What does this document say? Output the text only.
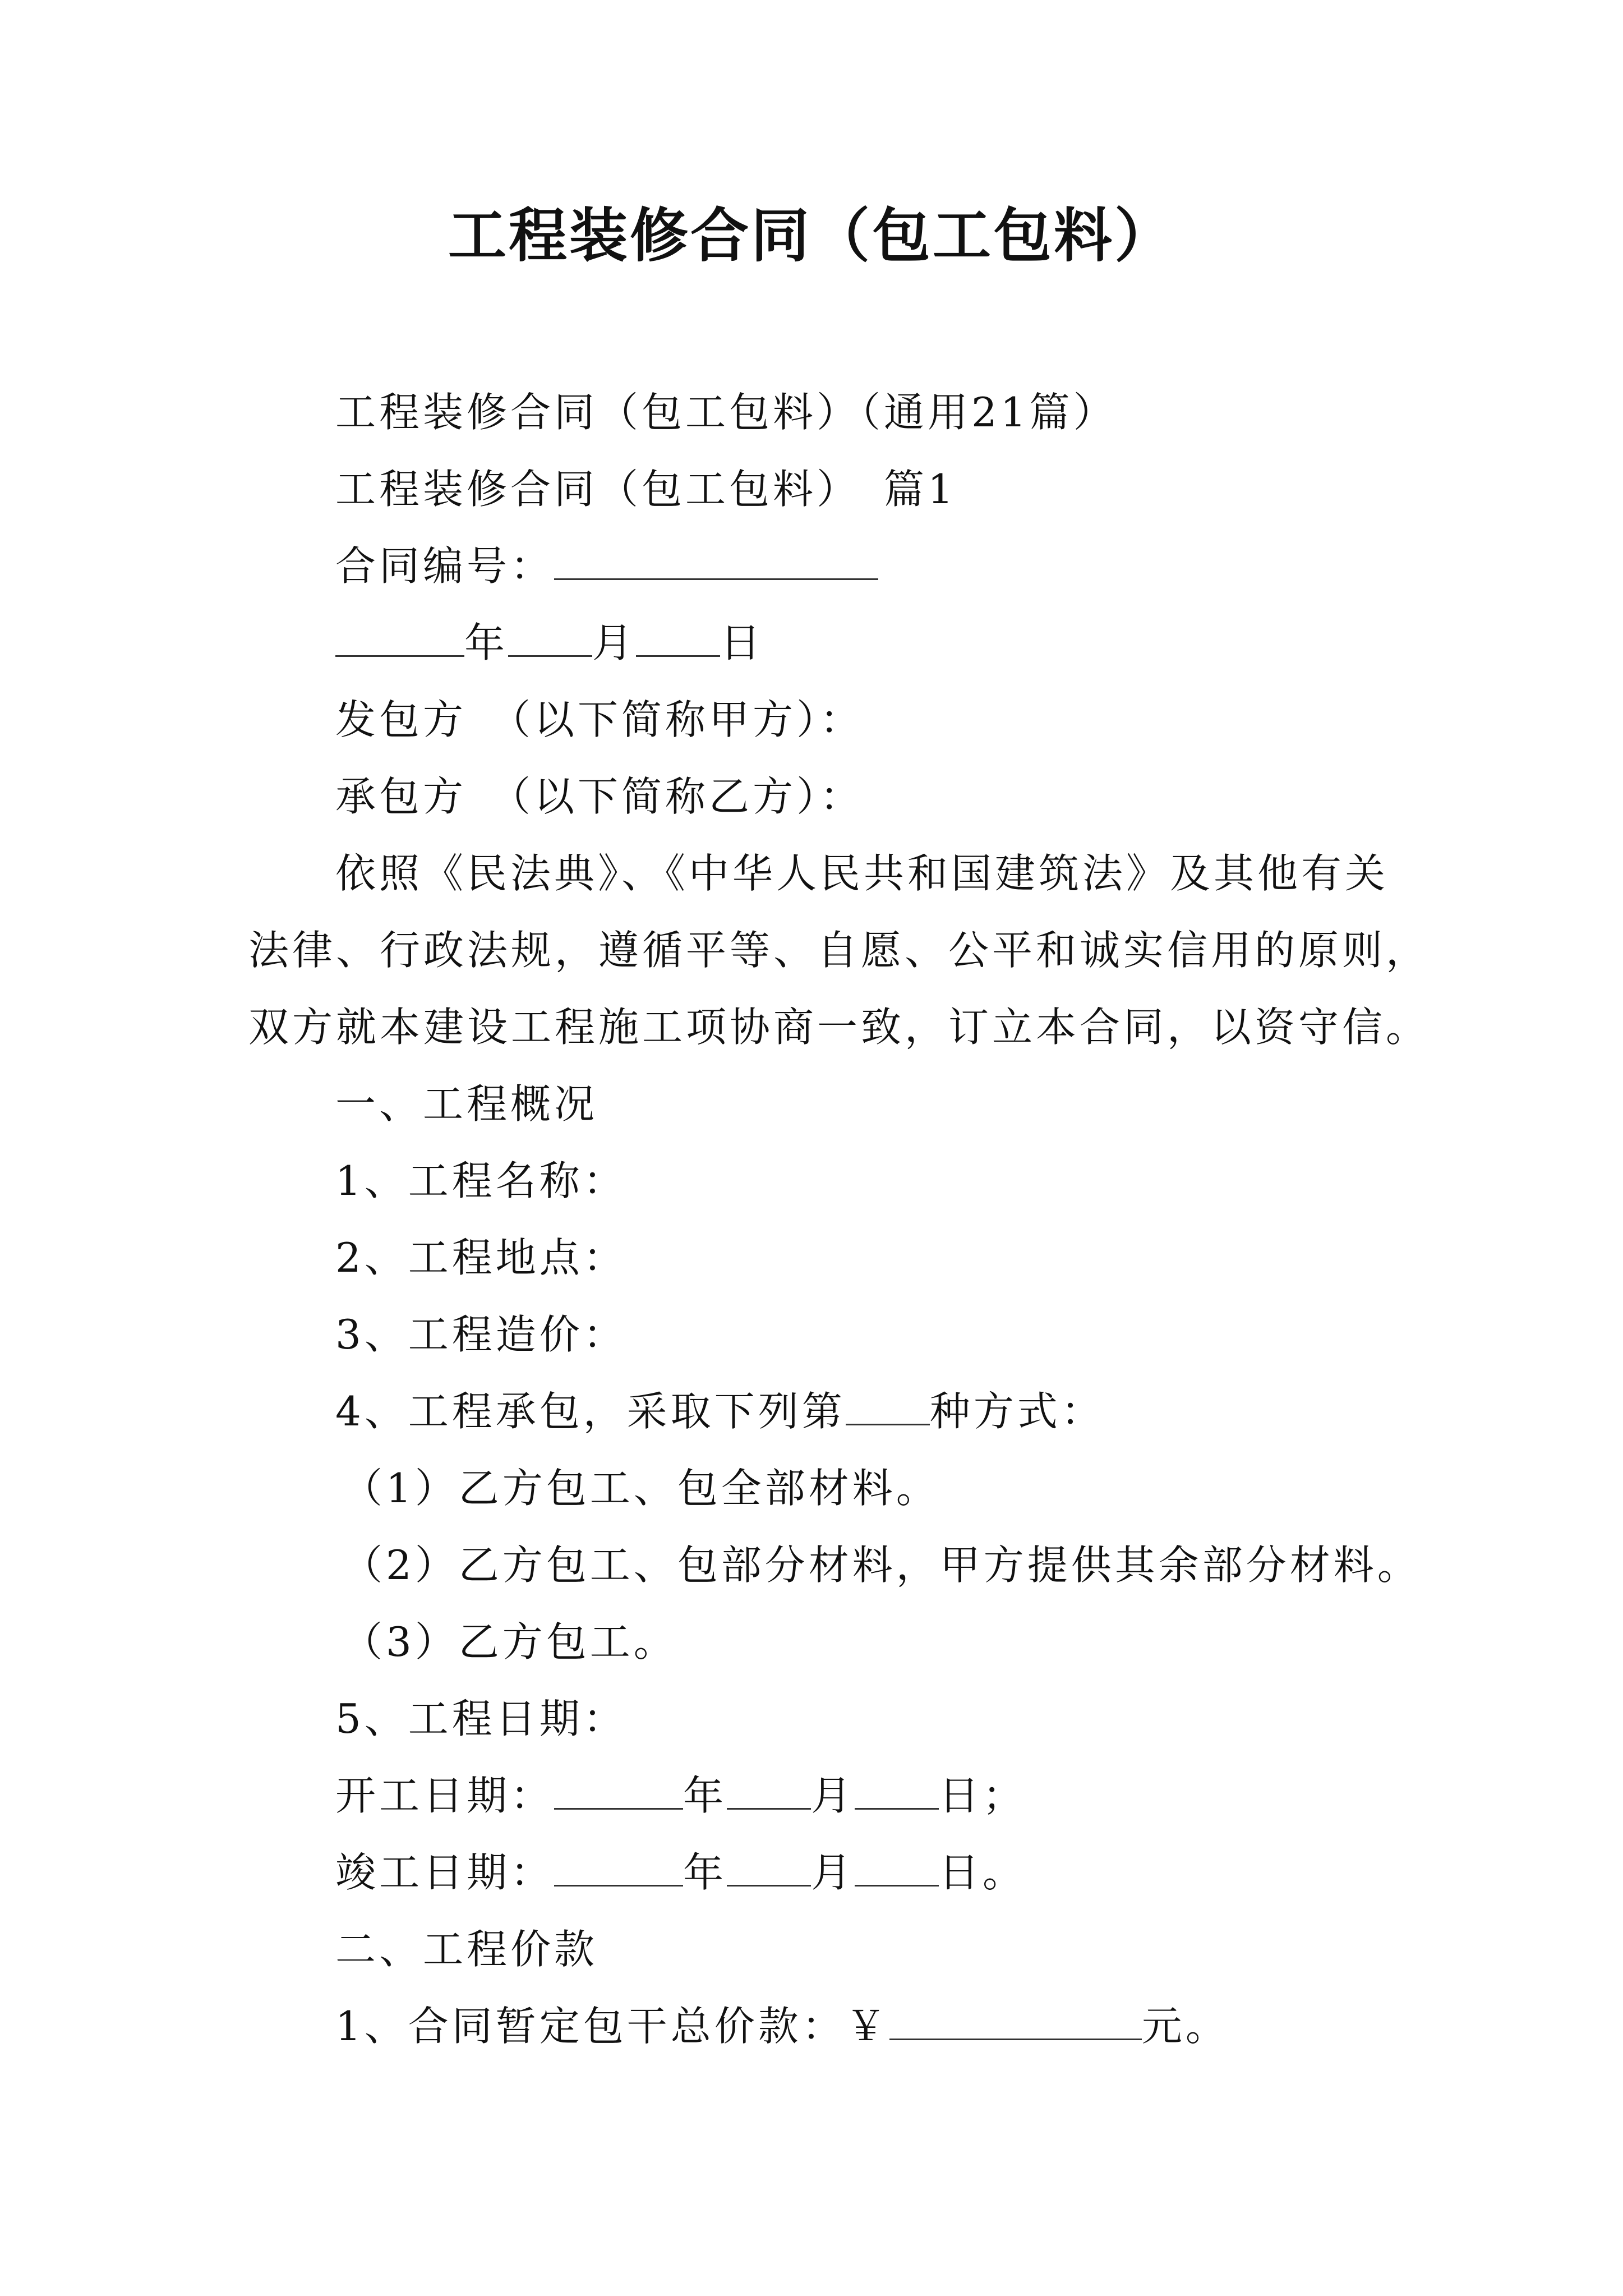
工程装修合同（包工包料）
工程装修合同（包工包料）（通用21篇）
工程装修合同（包工包料）　篇1
合同编号：
年 月 日
发包方　（以下简称甲方）：
承包方　（以下简称乙方）：
依照《民法典》、《中华人民共和国建筑法》及其他有关
法律、行政法规，遵循平等、自愿、公平和诚实信用的原则，
双方就本建设工程施工项协商一致，订立本合同，以资守信。
一、工程概况
1、工程名称：
2、工程地点：
3、工程造价：
4、工程承包，采取下列第 种方式：
（1）乙方包工、包全部材料。
（2）乙方包工、包部分材料，甲方提供其余部分材料。
（3）乙方包工。
5、工程日期：
开工日期：	年 月 日；
竣工日期：	年 月 日。
二、工程价款
1、合同暂定包干总价款：￥	元。
